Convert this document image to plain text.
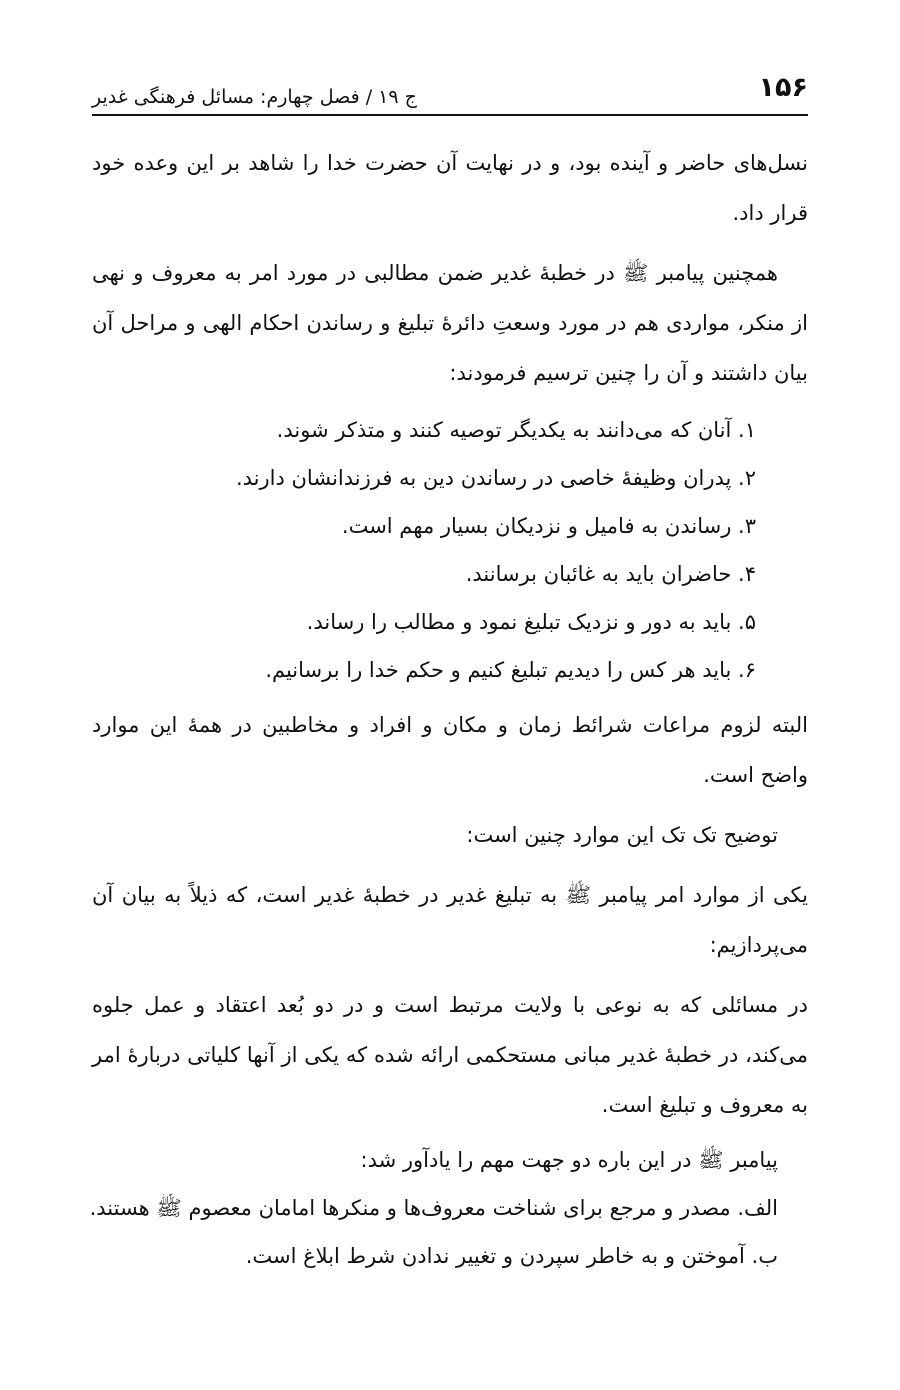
۱۵۶
ج ۱۹ / فصل چهارم: مسائل فرهنگی غدیر

نسل‌های حاضر و آینده بود، و در نهایت آن حضرت خدا را شاهد بر این وعده خود قرار داد.

همچنین پیامبر ﷺ در خطبهٔ غدیر ضمن مطالبی در مورد امر به معروف و نهی از منکر، مواردی هم در مورد وسعتِ دائرهٔ تبلیغ و رساندن احکام الهی و مراحل آن بیان داشتند و آن را چنین ترسیم فرمودند:

۱. آنان که می‌دانند به یکدیگر توصیه کنند و متذکر شوند.
۲. پدران وظیفهٔ خاصی در رساندن دین به فرزندانشان دارند.
۳. رساندن به فامیل و نزدیکان بسیار مهم است.
۴. حاضران باید به غائبان برسانند.
۵. باید به دور و نزدیک تبلیغ نمود و مطالب را رساند.
۶. باید هر کس را دیدیم تبلیغ کنیم و حکم خدا را برسانیم.

البته لزوم مراعات شرائط زمان و مکان و افراد و مخاطبین در همهٔ این موارد واضح است.

توضیح تک تک این موارد چنین است:

یکی از موارد امر پیامبر ﷺ به تبلیغ غدیر در خطبهٔ غدیر است، که ذیلاً به بیان آن می‌پردازیم:

در مسائلی که به نوعی با ولایت مرتبط است و در دو بُعد اعتقاد و عمل جلوه می‌کند، در خطبهٔ غدیر مبانی مستحکمی ارائه شده که یکی از آنها کلیاتی دربارهٔ امر به معروف و تبلیغ است.

پیامبر ﷺ در این باره دو جهت مهم را یادآور شد:
الف. مصدر و مرجع برای شناخت معروف‌ها و منکرها امامان معصوم ﷺ هستند.
ب. آموختن و به خاطر سپردن و تغییر ندادن شرط ابلاغ است.
